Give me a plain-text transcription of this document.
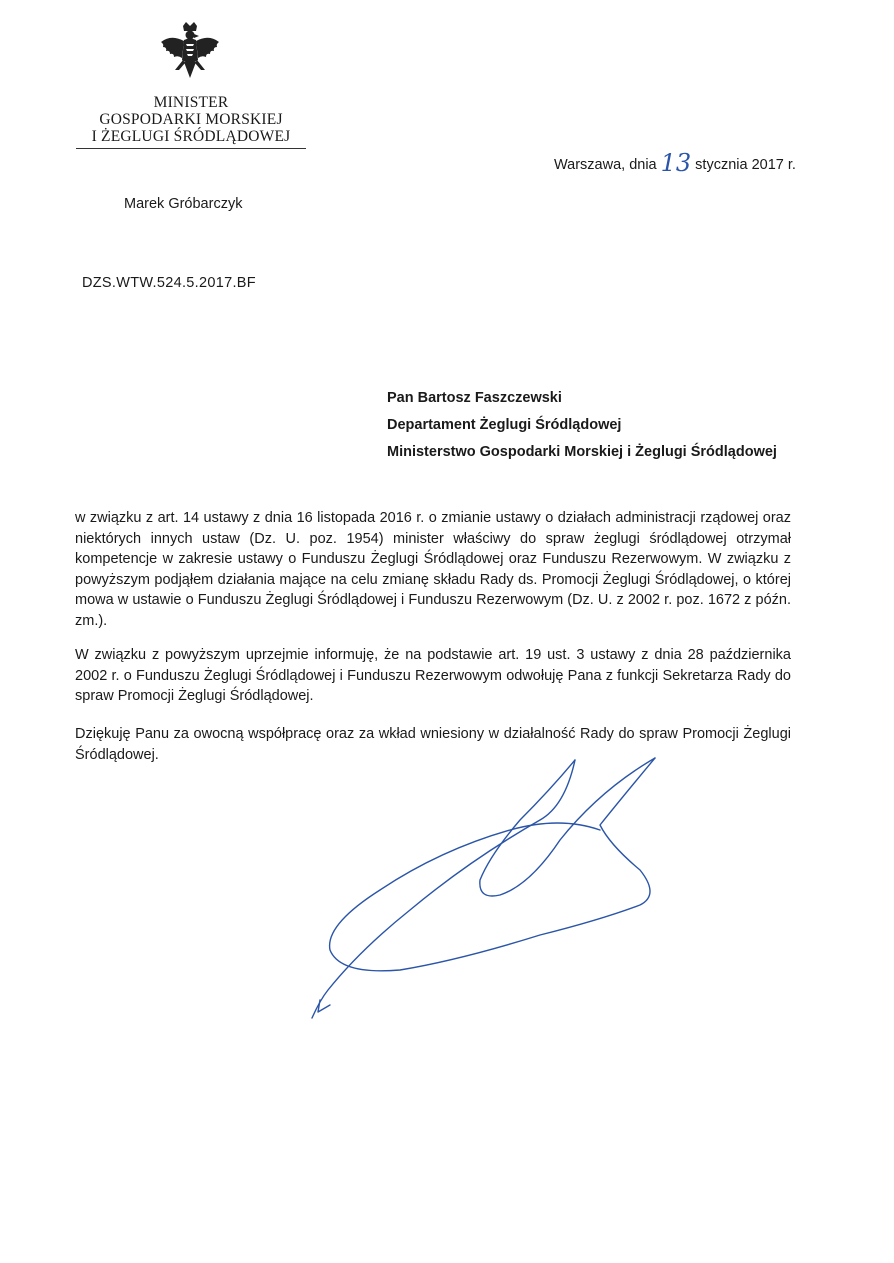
MINISTER
GOSPODARKI MORSKIEJ
I ŻEGLUGI ŚRÓDLĄDOWEJ
Warszawa, dnia 13 stycznia 2017 r.
Marek Gróbarczyk
DZS.WTW.524.5.2017.BF
Pan Bartosz Faszczewski
Departament Żeglugi Śródlądowej
Ministerstwo Gospodarki Morskiej i Żeglugi Śródlądowej

w związku z art. 14 ustawy z dnia 16 listopada 2016 r. o zmianie ustawy o działach administracji rządowej oraz niektórych innych ustaw (Dz. U. poz. 1954) minister właściwy do spraw żeglugi śródlądowej otrzymał kompetencje w zakresie ustawy o Funduszu Żeglugi Śródlądowej oraz Funduszu Rezerwowym. W związku z powyższym podjąłem działania mające na celu zmianę składu Rady ds. Promocji Żeglugi Śródlądowej, o której mowa w ustawie o Funduszu Żeglugi Śródlądowej i Funduszu Rezerwowym (Dz. U. z 2002 r. poz. 1672 z późn. zm.).

W związku z powyższym uprzejmie informuję, że na podstawie art. 19 ust. 3 ustawy z dnia 28 października 2002 r. o Funduszu Żeglugi Śródlądowej i Funduszu Rezerwowym odwołuję Pana z funkcji Sekretarza Rady do spraw Promocji Żeglugi Śródlądowej.

Dziękuję Panu za owocną współpracę oraz za wkład wniesiony w działalność Rady do spraw Promocji Żeglugi Śródlądowej.
